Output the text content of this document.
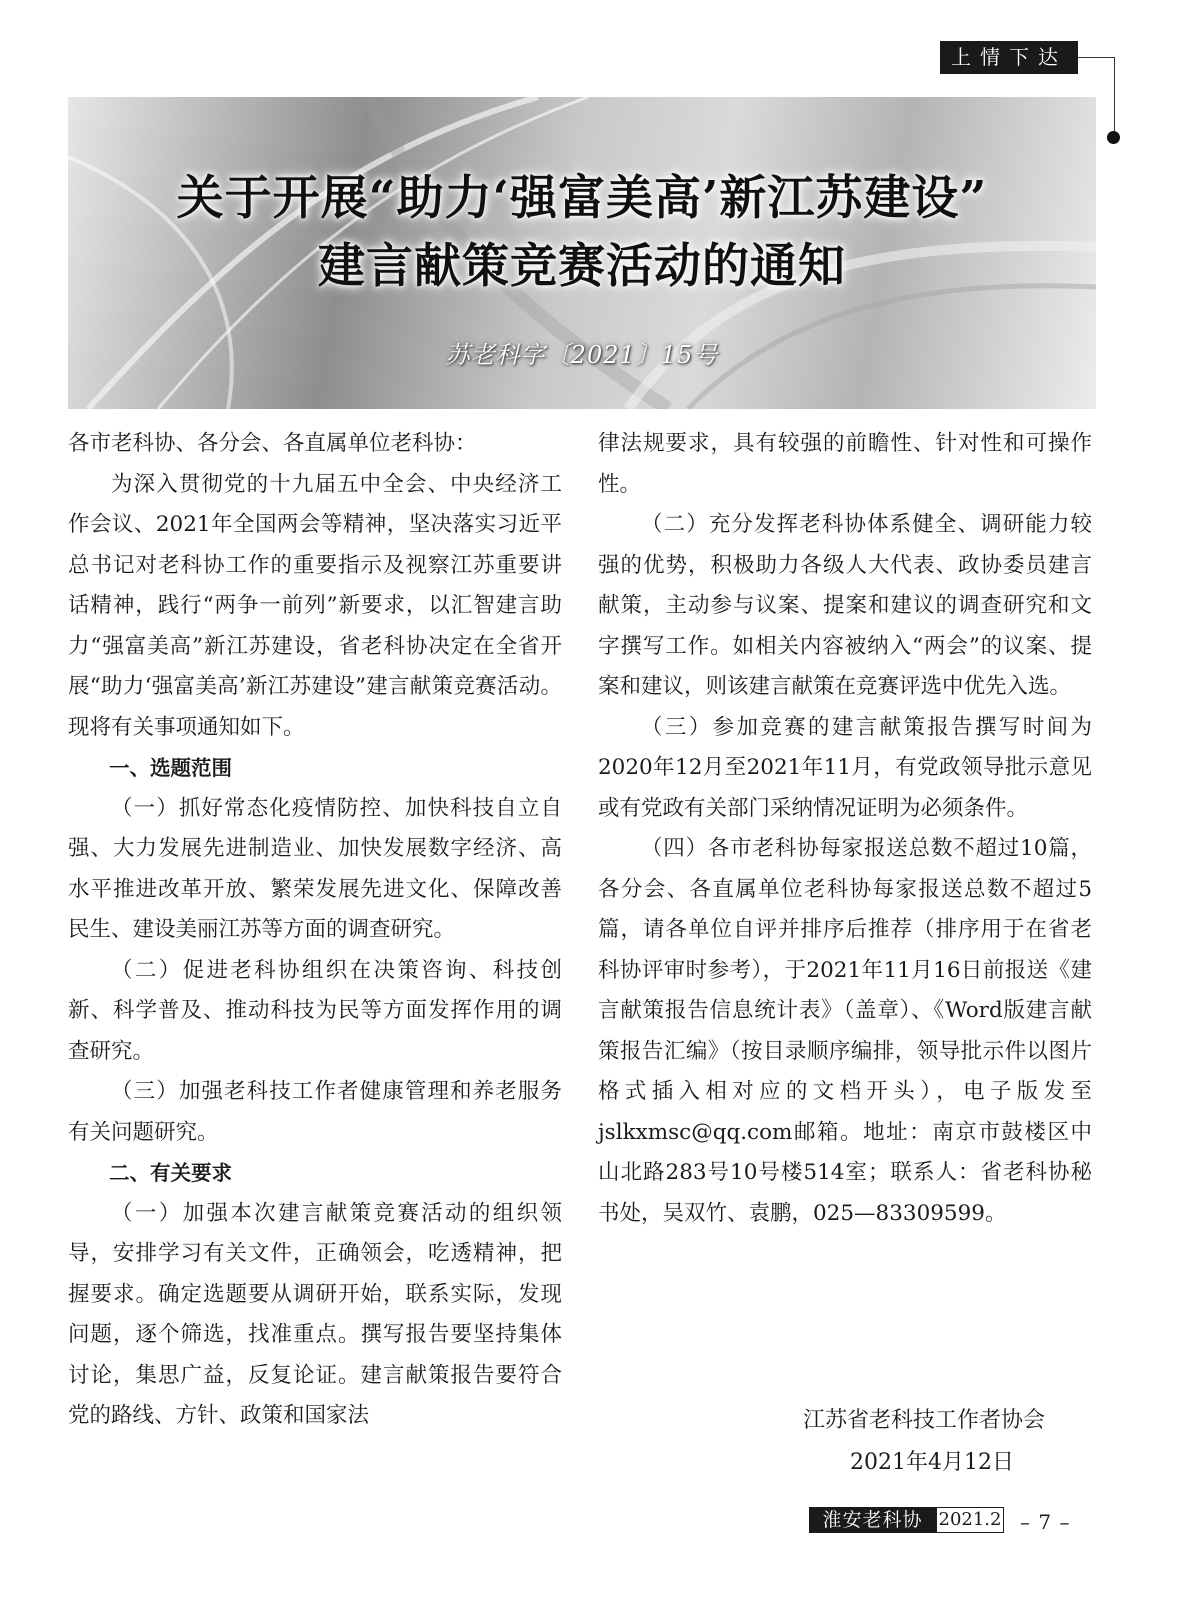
上情下达
关于开展“助力‘强富美高’新江苏建设”
建言献策竞赛活动的通知
苏老科字〔2021〕15号

各市老科协、各分会、各直属单位老科协：

为深入贯彻党的十九届五中全会、中央经济工作会议、2021年全国两会等精神，坚决落实习近平总书记对老科协工作的重要指示及视察江苏重要讲话精神，践行“两争一前列”新要求，以汇智建言助力“强富美高”新江苏建设，省老科协决定在全省开展“助力‘强富美高’新江苏建设”建言献策竞赛活动。现将有关事项通知如下。

一、选题范围

（一）抓好常态化疫情防控、加快科技自立自强、大力发展先进制造业、加快发展数字经济、高水平推进改革开放、繁荣发展先进文化、保障改善民生、建设美丽江苏等方面的调查研究。

（二）促进老科协组织在决策咨询、科技创新、科学普及、推动科技为民等方面发挥作用的调查研究。

（三）加强老科技工作者健康管理和养老服务有关问题研究。

二、有关要求

（一）加强本次建言献策竞赛活动的组织领导，安排学习有关文件，正确领会，吃透精神，把握要求。确定选题要从调研开始，联系实际，发现问题，逐个筛选，找准重点。撰写报告要坚持集体讨论，集思广益，反复论证。建言献策报告要符合党的路线、方针、政策和国家法

律法规要求，具有较强的前瞻性、针对性和可操作性。

（二）充分发挥老科协体系健全、调研能力较强的优势，积极助力各级人大代表、政协委员建言献策，主动参与议案、提案和建议的调查研究和文字撰写工作。如相关内容被纳入“两会”的议案、提案和建议，则该建言献策在竞赛评选中优先入选。

（三）参加竞赛的建言献策报告撰写时间为2020年12月至2021年11月，有党政领导批示意见或有党政有关部门采纳情况证明为必须条件。

（四）各市老科协每家报送总数不超过10篇，各分会、各直属单位老科协每家报送总数不超过5篇，请各单位自评并排序后推荐（排序用于在省老科协评审时参考），于2021年11月16日前报送《建言献策报告信息统计表》（盖章）、《Word版建言献策报告汇编》（按目录顺序编排，领导批示件以图片格式插入相对应的文档开头），电子版发至jslkxmsc@qq.com邮箱。地址：南京市鼓楼区中山北路283号10号楼514室；联系人：省老科协秘书处，吴双竹、袁鹏，025—83309599。

江苏省老科技工作者协会
2021年4月12日
淮安老科协 2021.2 – 7 –
